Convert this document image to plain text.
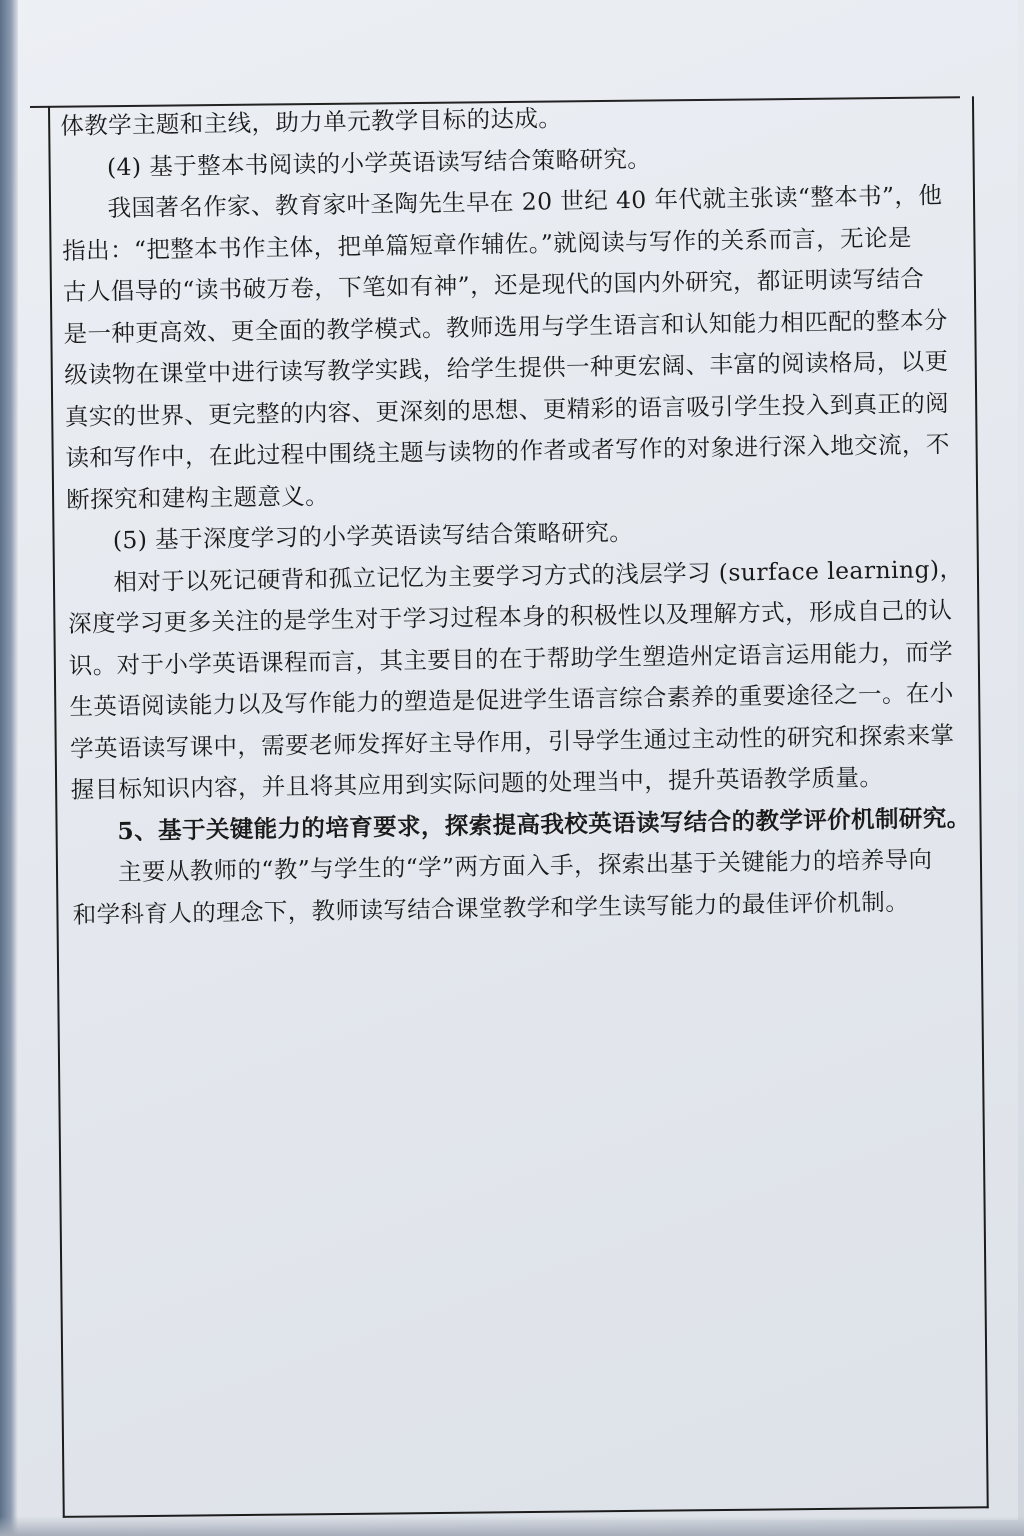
体教学主题和主线，助力单元教学目标的达成。
(4) 基于整本书阅读的小学英语读写结合策略研究。
我国著名作家、教育家叶圣陶先生早在 20 世纪 40 年代就主张读“整本书”，他
指出：“把整本书作主体，把单篇短章作辅佐。”就阅读与写作的关系而言，无论是
古人倡导的“读书破万卷，下笔如有神”，还是现代的国内外研究，都证明读写结合
是一种更高效、更全面的教学模式。教师选用与学生语言和认知能力相匹配的整本分
级读物在课堂中进行读写教学实践，给学生提供一种更宏阔、丰富的阅读格局，以更
真实的世界、更完整的内容、更深刻的思想、更精彩的语言吸引学生投入到真正的阅
读和写作中，在此过程中围绕主题与读物的作者或者写作的对象进行深入地交流，不
断探究和建构主题意义。
(5) 基于深度学习的小学英语读写结合策略研究。
相对于以死记硬背和孤立记忆为主要学习方式的浅层学习 (surface learning)，
深度学习更多关注的是学生对于学习过程本身的积极性以及理解方式，形成自己的认
识。对于小学英语课程而言，其主要目的在于帮助学生塑造州定语言运用能力，而学
生英语阅读能力以及写作能力的塑造是促进学生语言综合素养的重要途径之一。在小
学英语读写课中，需要老师发挥好主导作用，引导学生通过主动性的研究和探索来掌
握目标知识内容，并且将其应用到实际问题的处理当中，提升英语教学质量。
5、基于关键能力的培育要求，探索提高我校英语读写结合的教学评价机制研究。
主要从教师的“教”与学生的“学”两方面入手，探索出基于关键能力的培养导向
和学科育人的理念下，教师读写结合课堂教学和学生读写能力的最佳评价机制。
